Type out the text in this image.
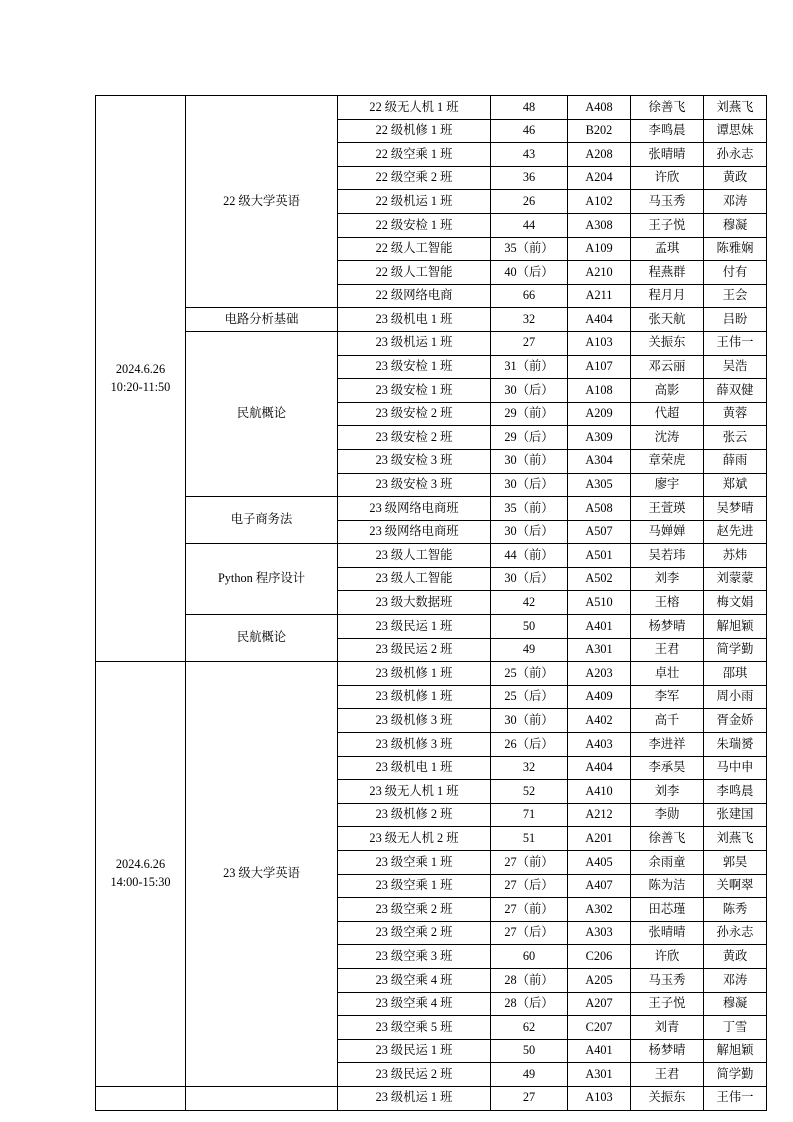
2024.6.26
10:20-11:50	22 级大学英语	22 级无人机 1 班	48	A408	徐善飞	刘燕飞
		22 级机修 1 班	46	B202	李鸣晨	谭思妹
		22 级空乘 1 班	43	A208	张晴晴	孙永志
		22 级空乘 2 班	36	A204	许欣	黄政
		22 级机运 1 班	26	A102	马玉秀	邓涛
		22 级安检 1 班	44	A308	王子悦	穆凝
		22 级人工智能	35（前）	A109	孟琪	陈雅娴
		22 级人工智能	40（后）	A210	程燕群	付有
		22 级网络电商	66	A211	程月月	王会
	电路分析基础	23 级机电 1 班	32	A404	张天航	吕盼
	民航概论	23 级机运 1 班	27	A103	关振东	王伟一
		23 级安检 1 班	31（前）	A107	邓云丽	吴浩
		23 级安检 1 班	30（后）	A108	高影	薛双健
		23 级安检 2 班	29（前）	A209	代超	黄蓉
		23 级安检 2 班	29（后）	A309	沈涛	张云
		23 级安检 3 班	30（前）	A304	章荣虎	薛雨
		23 级安检 3 班	30（后）	A305	廖宇	郑斌
	电子商务法	23 级网络电商班	35（前）	A508	王萱瑛	吴梦晴
		23 级网络电商班	30（后）	A507	马婵婵	赵先进
	Python 程序设计	23 级人工智能	44（前）	A501	吴若玮	苏炜
		23 级人工智能	30（后）	A502	刘李	刘蒙蒙
		23 级大数据班	42	A510	王榕	梅文娟
	民航概论	23 级民运 1 班	50	A401	杨梦晴	解旭颖
		23 级民运 2 班	49	A301	王君	简学勤

2024.6.26
14:00-15:30	23 级大学英语	23 级机修 1 班	25（前）	A203	卓壮	邵琪
		23 级机修 1 班	25（后）	A409	李军	周小雨
		23 级机修 3 班	30（前）	A402	高千	胥金娇
		23 级机修 3 班	26（后）	A403	李进祥	朱瑞赟
		23 级机电 1 班	32	A404	李承昊	马中申
		23 级无人机 1 班	52	A410	刘李	李鸣晨
		23 级机修 2 班	71	A212	李勋	张建国
		23 级无人机 2 班	51	A201	徐善飞	刘燕飞
		23 级空乘 1 班	27（前）	A405	余雨童	郭昊
		23 级空乘 1 班	27（后）	A407	陈为洁	关啊翠
		23 级空乘 2 班	27（前）	A302	田芯瑾	陈秀
		23 级空乘 2 班	27（后）	A303	张晴晴	孙永志
		23 级空乘 3 班	60	C206	许欣	黄政
		23 级空乘 4 班	28（前）	A205	马玉秀	邓涛
		23 级空乘 4 班	28（后）	A207	王子悦	穆凝
		23 级空乘 5 班	62	C207	刘青	丁雪
		23 级民运 1 班	50	A401	杨梦晴	解旭颖
		23 级民运 2 班	49	A301	王君	简学勤
		23 级机运 1 班	27	A103	关振东	王伟一
